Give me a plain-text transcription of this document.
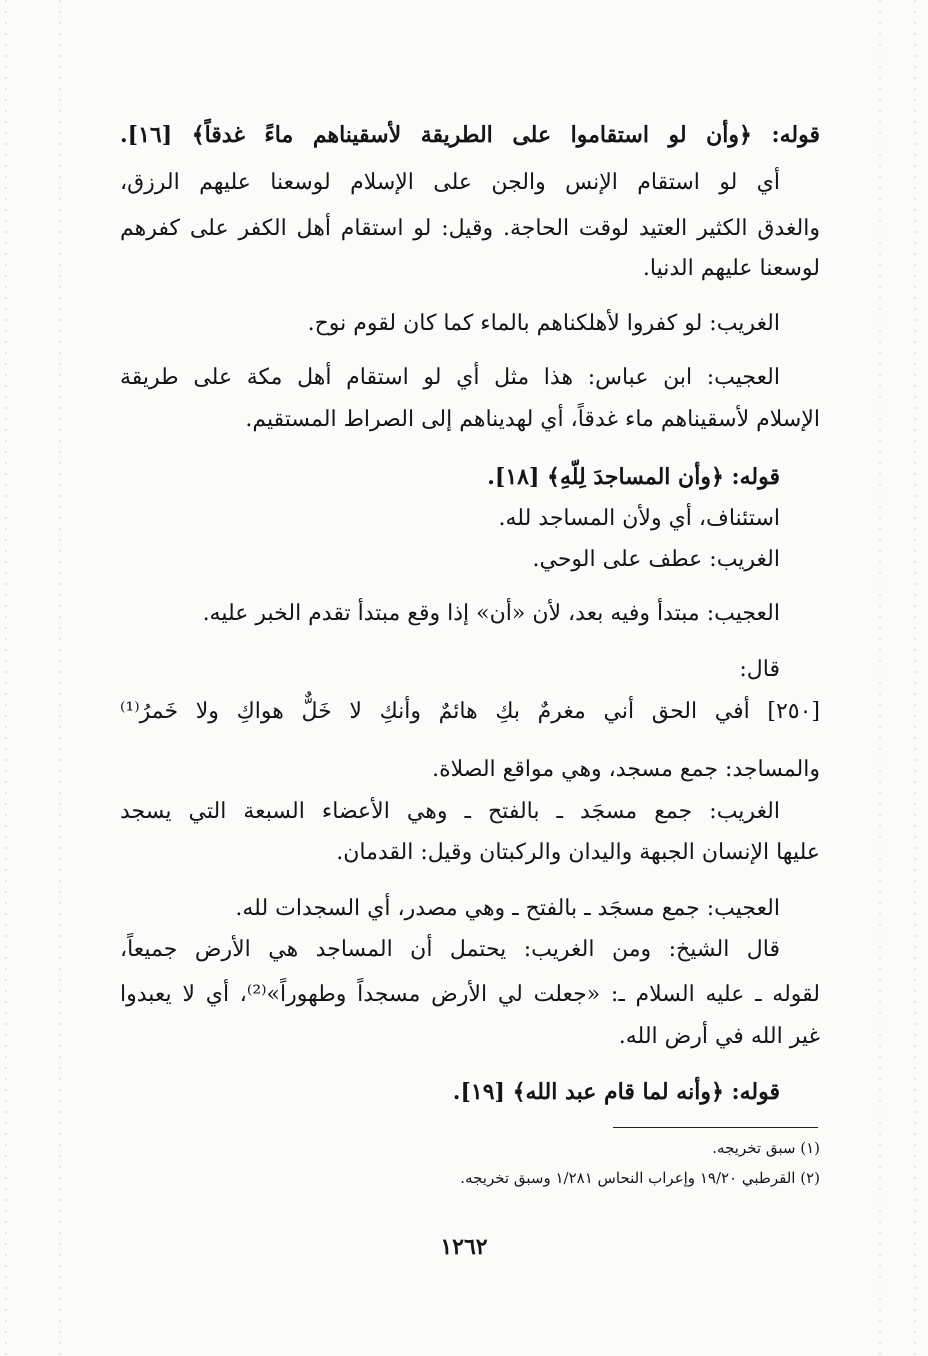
قوله: ﴿وأن لو استقاموا على الطريقة لأسقيناهم ماءً غدقاً﴾ [١٦].
أي لو استقام الإنس والجن على الإسلام لوسعنا عليهم الرزق،
والغدق الكثير العتيد لوقت الحاجة. وقيل: لو استقام أهل الكفر على كفرهم
لوسعنا عليهم الدنيا.
الغريب: لو كفروا لأهلكناهم بالماء كما كان لقوم نوح.
العجيب: ابن عباس: هذا مثل أي لو استقام أهل مكة على طريقة
الإسلام لأسقيناهم ماء غدقاً، أي لهديناهم إلى الصراط المستقيم.
قوله: ﴿وأن المساجدَ لِلّهِ﴾ [١٨].
استئناف، أي ولأن المساجد لله.
الغريب: عطف على الوحي.
العجيب: مبتدأ وفيه بعد، لأن «أن» إذا وقع مبتدأ تقدم الخبر عليه.
قال:
[٢٥٠] أفي الحق أني مغرمٌ بكِ هائمٌ وأنكِ لا خَلٌّ هواكِ ولا خَمرُ⁽¹⁾
والمساجد: جمع مسجد، وهي مواقع الصلاة.
الغريب: جمع مسجَد ـ بالفتح ـ وهي الأعضاء السبعة التي يسجد
عليها الإنسان الجبهة واليدان والركبتان وقيل: القدمان.
العجيب: جمع مسجَد ـ بالفتح ـ وهي مصدر، أي السجدات لله.
قال الشيخ: ومن الغريب: يحتمل أن المساجد هي الأرض جميعاً،
لقوله ـ عليه السلام ـ: «جعلت لي الأرض مسجداً وطهوراً»⁽²⁾، أي لا يعبدوا
غير الله في أرض الله.
قوله: ﴿وأنه لما قام عبد الله﴾ [١٩].
(١) سبق تخريجه.
(٢) القرطبي ١٩/٢٠ وإعراب النحاس ١/٢٨١ وسبق تخريجه.
١٢٦٢
